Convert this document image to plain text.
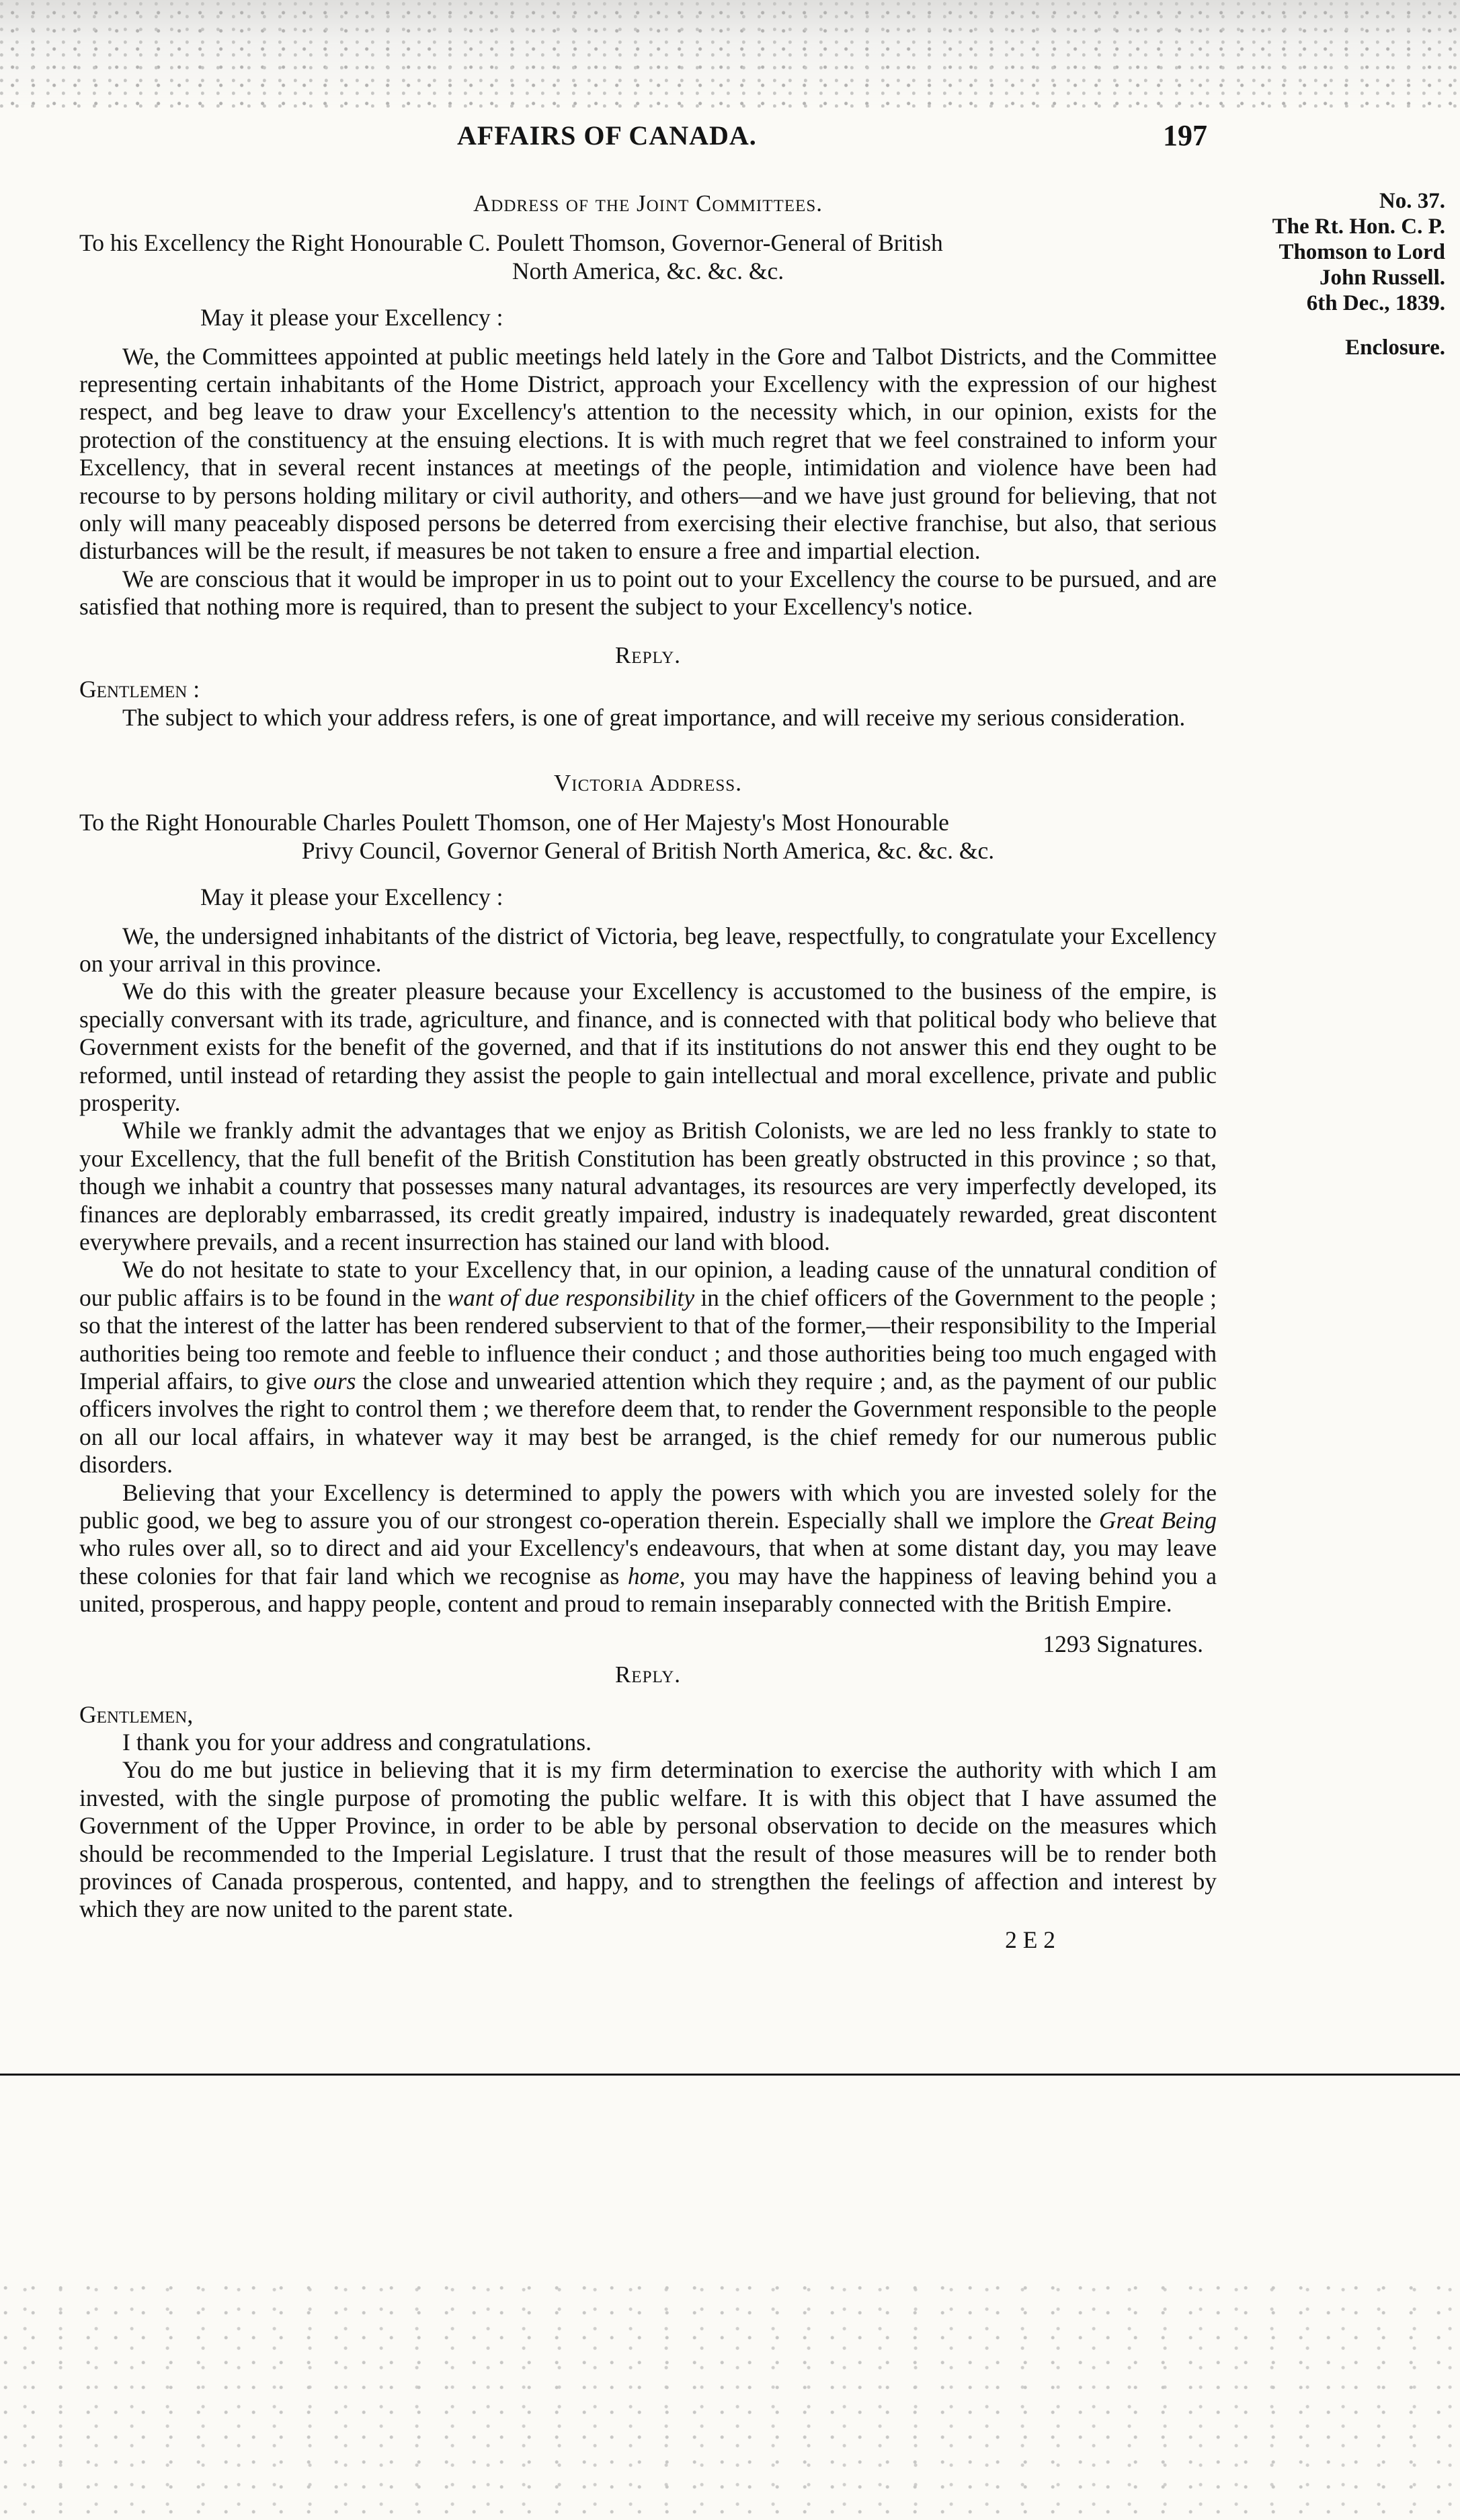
AFFAIRS OF CANADA.	197
No. 37.
The Rt. Hon. C. P.
Thomson to Lord
John Russell.
6th Dec., 1839.
Enclosure.
Address of the Joint Committees.
To his Excellency the Right Honourable C. Poulett Thomson, Governor-General of British
North America, &c. &c. &c.
May it please your Excellency :

We, the Committees appointed at public meetings held lately in the Gore and Talbot Districts, and the Committee representing certain inhabitants of the Home District, approach your Excellency with the expression of our highest respect, and beg leave to draw your Excellency's attention to the necessity which, in our opinion, exists for the protection of the constituency at the ensuing elections. It is with much regret that we feel constrained to inform your Excellency, that in several recent instances at meetings of the people, intimidation and violence have been had recourse to by persons holding military or civil authority, and others—and we have just ground for believing, that not only will many peaceably disposed persons be deterred from exercising their elective franchise, but also, that serious disturbances will be the result, if measures be not taken to ensure a free and impartial election.

We are conscious that it would be improper in us to point out to your Excellency the course to be pursued, and are satisfied that nothing more is required, than to present the subject to your Excellency's notice.

Reply.

Gentlemen :

The subject to which your address refers, is one of great importance, and will receive my serious consideration.

Victoria Address.
To the Right Honourable Charles Poulett Thomson, one of Her Majesty's Most Honourable
Privy Council, Governor General of British North America, &c. &c. &c.
May it please your Excellency :

We, the undersigned inhabitants of the district of Victoria, beg leave, respectfully, to congratulate your Excellency on your arrival in this province.

We do this with the greater pleasure because your Excellency is accustomed to the business of the empire, is specially conversant with its trade, agriculture, and finance, and is connected with that political body who believe that Government exists for the benefit of the governed, and that if its institutions do not answer this end they ought to be reformed, until instead of retarding they assist the people to gain intellectual and moral excellence, private and public prosperity.

While we frankly admit the advantages that we enjoy as British Colonists, we are led no less frankly to state to your Excellency, that the full benefit of the British Constitution has been greatly obstructed in this province ; so that, though we inhabit a country that possesses many natural advantages, its resources are very imperfectly developed, its finances are deplorably embarrassed, its credit greatly impaired, industry is inadequately rewarded, great discontent everywhere prevails, and a recent insurrection has stained our land with blood.

We do not hesitate to state to your Excellency that, in our opinion, a leading cause of the unnatural condition of our public affairs is to be found in the want of due responsibility in the chief officers of the Government to the people ; so that the interest of the latter has been rendered subservient to that of the former,—their responsibility to the Imperial authorities being too remote and feeble to influence their conduct ; and those authorities being too much engaged with Imperial affairs, to give ours the close and unwearied attention which they require ; and, as the payment of our public officers involves the right to control them ; we therefore deem that, to render the Government responsible to the people on all our local affairs, in whatever way it may best be arranged, is the chief remedy for our numerous public disorders.

Believing that your Excellency is determined to apply the powers with which you are invested solely for the public good, we beg to assure you of our strongest co-operation therein. Especially shall we implore the Great Being who rules over all, so to direct and aid your Excellency's endeavours, that when at some distant day, you may leave these colonies for that fair land which we recognise as home, you may have the happiness of leaving behind you a united, prosperous, and happy people, content and proud to remain inseparably connected with the British Empire.

1293 Signatures.
Reply.

Gentlemen,

I thank you for your address and congratulations.

You do me but justice in believing that it is my firm determination to exercise the authority with which I am invested, with the single purpose of promoting the public welfare. It is with this object that I have assumed the Government of the Upper Province, in order to be able by personal observation to decide on the measures which should be recommended to the Imperial Legislature. I trust that the result of those measures will be to render both provinces of Canada prosperous, contented, and happy, and to strengthen the feelings of affection and interest by which they are now united to the parent state.

2 E 2
